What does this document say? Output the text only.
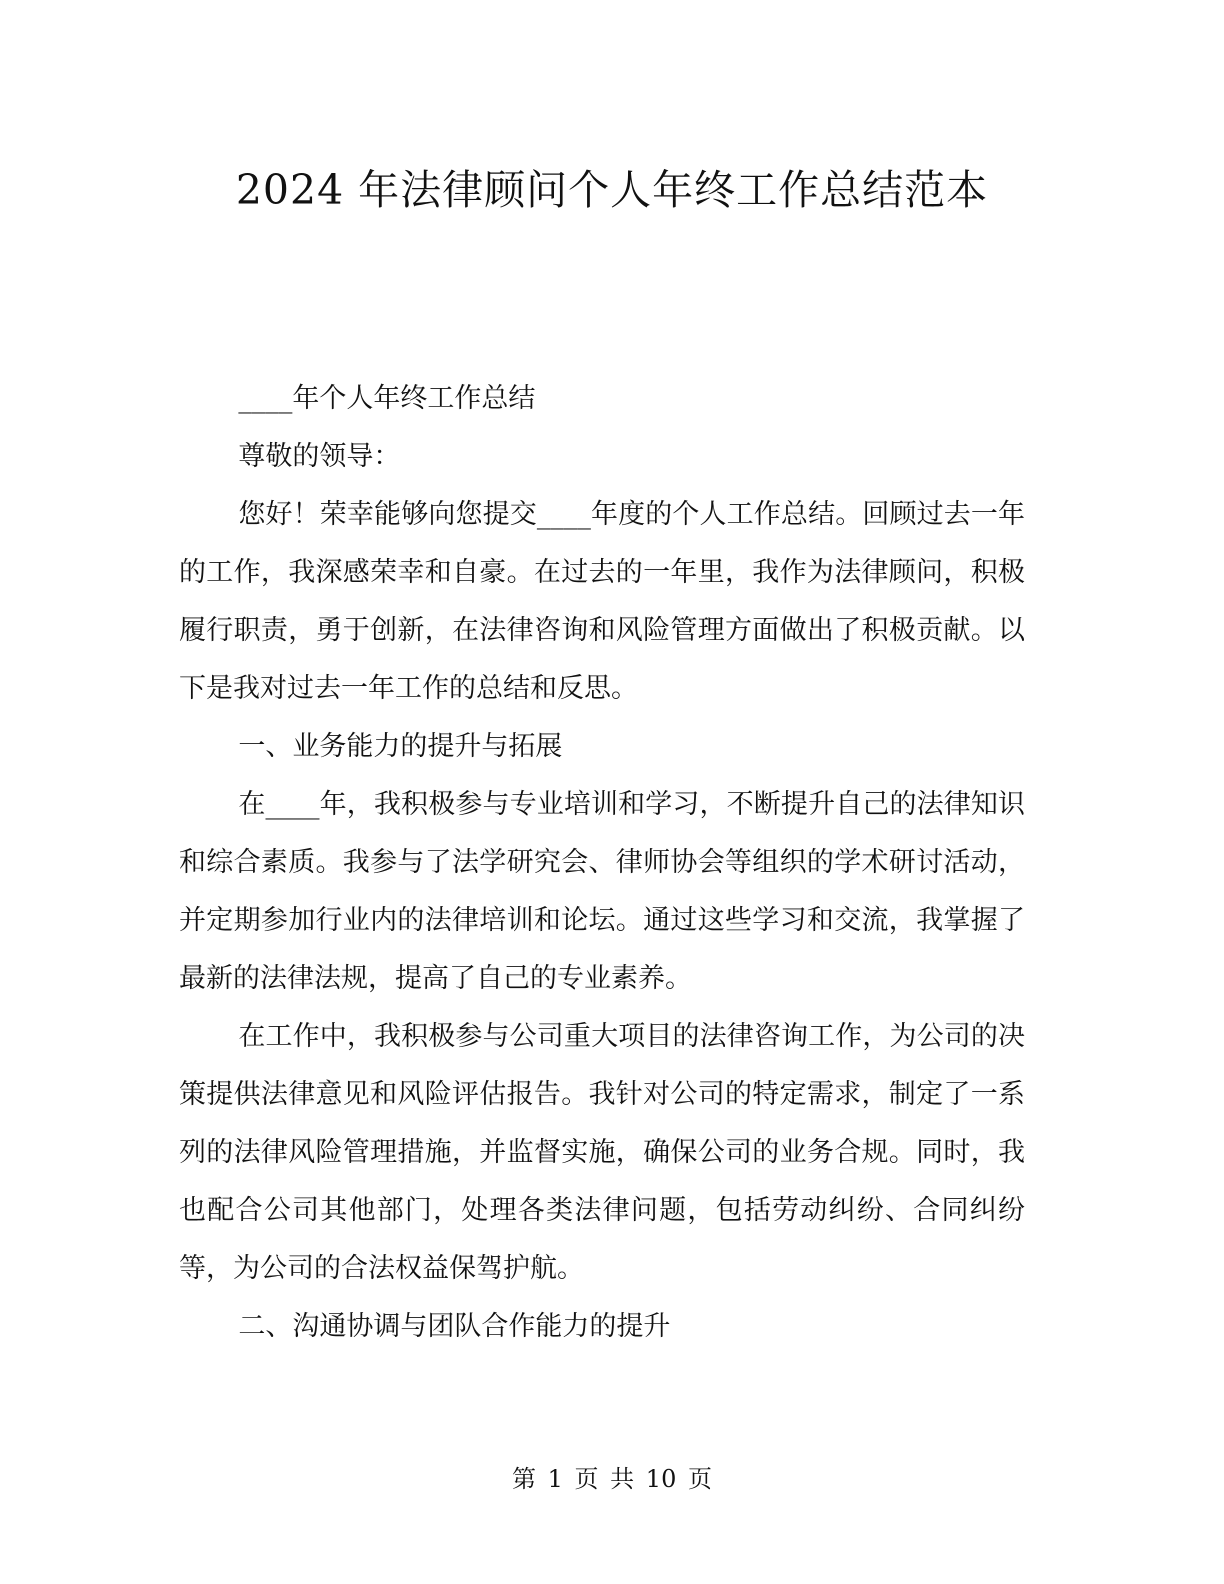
2024 年法律顾问个人年终工作总结范本

____年个人年终工作总结

尊敬的领导：

您好！荣幸能够向您提交____年度的个人工作总结。回顾过去一年的工作，我深感荣幸和自豪。在过去的一年里，我作为法律顾问，积极履行职责，勇于创新，在法律咨询和风险管理方面做出了积极贡献。以下是我对过去一年工作的总结和反思。

一、业务能力的提升与拓展

在____年，我积极参与专业培训和学习，不断提升自己的法律知识和综合素质。我参与了法学研究会、律师协会等组织的学术研讨活动，并定期参加行业内的法律培训和论坛。通过这些学习和交流，我掌握了最新的法律法规，提高了自己的专业素养。

在工作中，我积极参与公司重大项目的法律咨询工作，为公司的决策提供法律意见和风险评估报告。我针对公司的特定需求，制定了一系列的法律风险管理措施，并监督实施，确保公司的业务合规。同时，我也配合公司其他部门，处理各类法律问题，包括劳动纠纷、合同纠纷等，为公司的合法权益保驾护航。

二、沟通协调与团队合作能力的提升

第 1 页 共 10 页
